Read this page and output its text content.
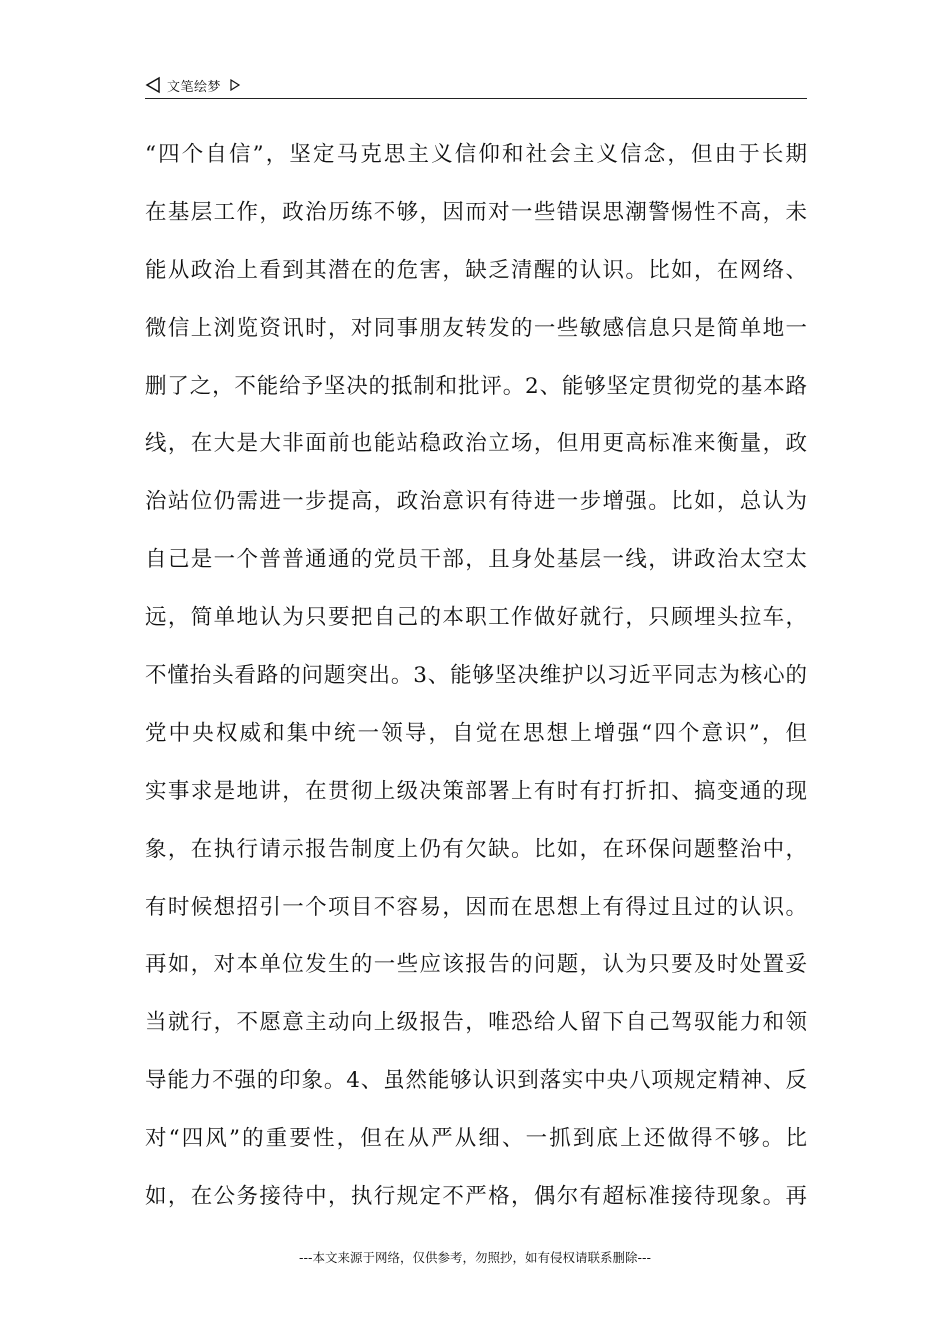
文笔绘梦
“四个自信”，坚定马克思主义信仰和社会主义信念，但由于长期
在基层工作，政治历练不够，因而对一些错误思潮警惕性不高，未
能从政治上看到其潜在的危害，缺乏清醒的认识。比如，在网络、
微信上浏览资讯时，对同事朋友转发的一些敏感信息只是简单地一
删了之，不能给予坚决的抵制和批评。2、能够坚定贯彻党的基本路
线，在大是大非面前也能站稳政治立场，但用更高标准来衡量，政
治站位仍需进一步提高，政治意识有待进一步增强。比如，总认为
自己是一个普普通通的党员干部，且身处基层一线，讲政治太空太
远，简单地认为只要把自己的本职工作做好就行，只顾埋头拉车，
不懂抬头看路的问题突出。3、能够坚决维护以习近平同志为核心的
党中央权威和集中统一领导，自觉在思想上增强“四个意识”，但
实事求是地讲，在贯彻上级决策部署上有时有打折扣、搞变通的现
象，在执行请示报告制度上仍有欠缺。比如，在环保问题整治中，
有时候想招引一个项目不容易，因而在思想上有得过且过的认识。
再如，对本单位发生的一些应该报告的问题，认为只要及时处置妥
当就行，不愿意主动向上级报告，唯恐给人留下自己驾驭能力和领
导能力不强的印象。4、虽然能够认识到落实中央八项规定精神、反
对“四风”的重要性，但在从严从细、一抓到底上还做得不够。比
如，在公务接待中，执行规定不严格，偶尔有超标准接待现象。再
---本文来源于网络，仅供参考，勿照抄，如有侵权请联系删除---
